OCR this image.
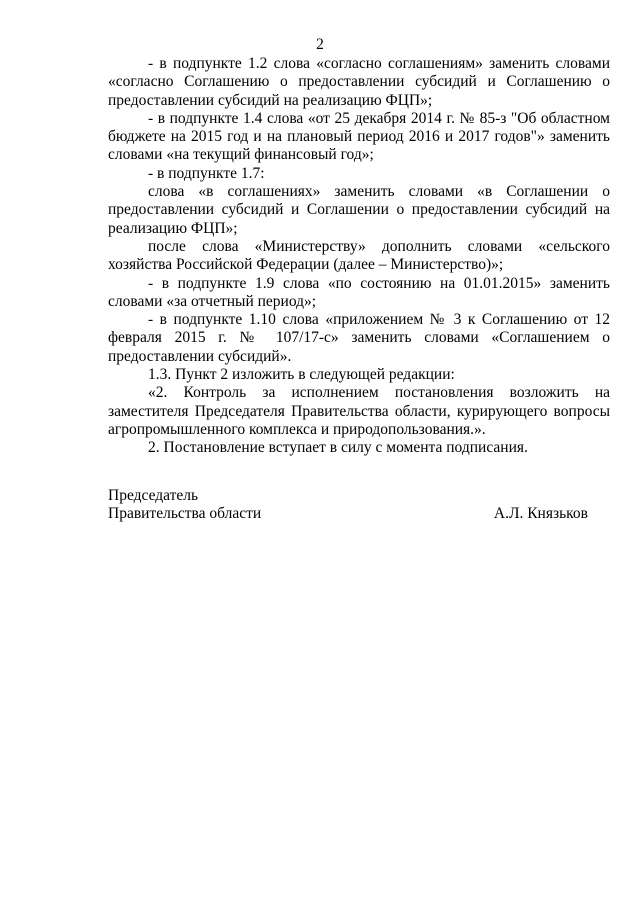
2

- в подпункте 1.2 слова «согласно соглашениям» заменить словами «согласно Соглашению о предоставлении субсидий и Соглашению о предоставлении субсидий на реализацию ФЦП»;

- в подпункте 1.4 слова «от 25 декабря 2014 г. № 85-з "Об областном бюджете на 2015 год и на плановый период 2016 и 2017 годов"» заменить словами «на текущий финансовый год»;

- в подпункте 1.7:

слова «в соглашениях» заменить словами «в Соглашении о предоставлении субсидий и Соглашении о предоставлении субсидий на реализацию ФЦП»;

после слова «Министерству» дополнить словами «сельского хозяйства Российской Федерации (далее – Министерство)»;

- в подпункте 1.9 слова «по состоянию на 01.01.2015» заменить словами «за отчетный период»;

- в подпункте 1.10 слова «приложением № 3 к Соглашению от 12 февраля 2015 г. № 107/17-с» заменить словами «Соглашением о предоставлении субсидий».

1.3. Пункт 2 изложить в следующей редакции:

«2. Контроль за исполнением постановления возложить на заместителя Председателя Правительства области, курирующего вопросы агропромышленного комплекса и природопользования.».

2. Постановление вступает в силу с момента подписания.

Председатель

Правительства области	А.Л. Князьков
